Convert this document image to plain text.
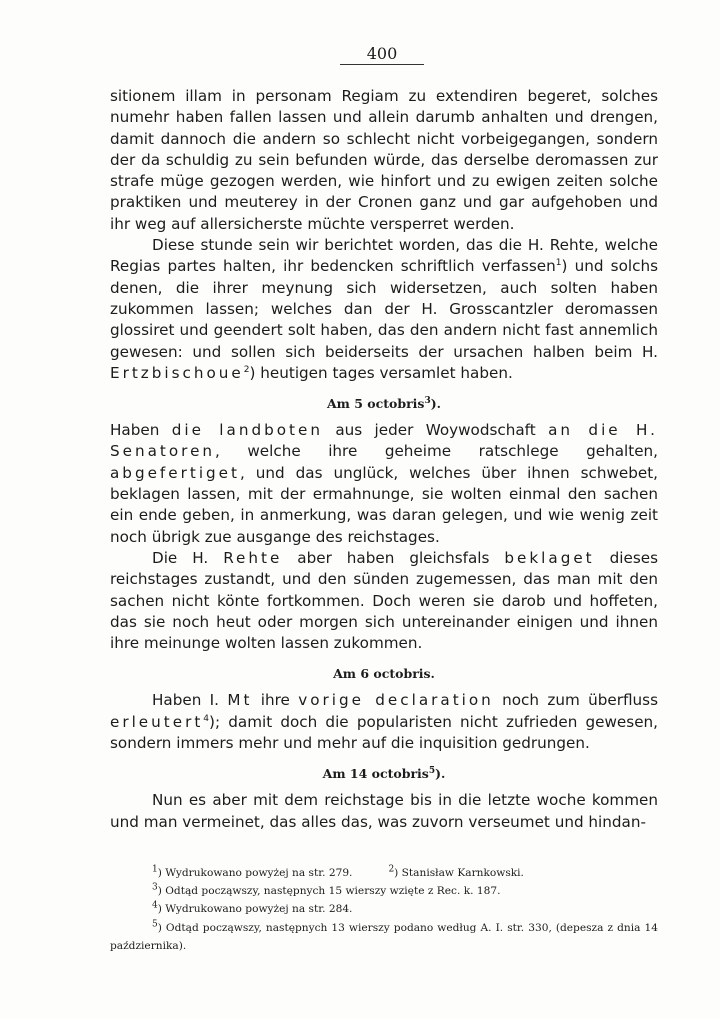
400

sitionem illam in personam Regiam zu extendiren begeret, solches numehr haben fallen lassen und allein darumb anhalten und drengen, damit dannoch die andern so schlecht nicht vorbeigegangen, sondern der da schuldig zu sein befunden würde, das derselbe deromassen zur strafe müge gezogen werden, wie hinfort und zu ewigen zeiten solche praktiken und meuterey in der Cronen ganz und gar aufgehoben und ihr weg auf allersicherste müchte versperret werden.

Diese stunde sein wir berichtet worden, das die H. Rehte, welche Regias partes halten, ihr bedencken schriftlich verfassen$^1$) und solchs denen, die ihrer meynung sich widersetzen, auch solten haben zukommen lassen; welches dan der H. Grosscantzler deromassen glossiret und geendert solt haben, das den andern nicht fast annemlich gewesen: und sollen sich beiderseits der ursachen halben beim H. Ertzbischoue$^2$) heutigen tages versamlet haben.

Am 5 octobris$^3$).

Haben die landboten aus jeder Woywodschaft an die H. Senatoren, welche ihre geheime ratschlege gehalten, abgefertiget, und das unglück, welches über ihnen schwebet, beklagen lassen, mit der ermahnunge, sie wolten einmal den sachen ein ende geben, in anmerkung, was daran gelegen, und wie wenig zeit noch übrigk zue ausgange des reichstages.

Die H. Rehte aber haben gleichsfals beklaget dieses reichstages zustandt, und den sünden zugemessen, das man mit den sachen nicht könte fortkommen. Doch weren sie darob und hoffeten, das sie noch heut oder morgen sich untereinander einigen und ihnen ihre meinunge wolten lassen zukommen.

Am 6 octobris.

Haben I. Mt ihre vorige declaration noch zum überfluss erleutert$^4$); damit doch die popularisten nicht zufrieden gewesen, sondern immers mehr und mehr auf die inquisition gedrungen.

Am 14 octobris$^5$).

Nun es aber mit dem reichstage bis in die letzte woche kommen und man vermeinet, das alles das, was zuvorn verseumet und hindan-

$^1$) Wydrukowano powyżej na str. 279.	$^2$) Stanisław Karnkowski.
$^3$) Odtąd począwszy, następnych 15 wierszy wzięte z Rec. k. 187.
$^4$) Wydrukowano powyżej na str. 284.
$^5$) Odtąd począwszy, następnych 13 wierszy podano według A. I. str. 330, (depesza z dnia 14 października).
